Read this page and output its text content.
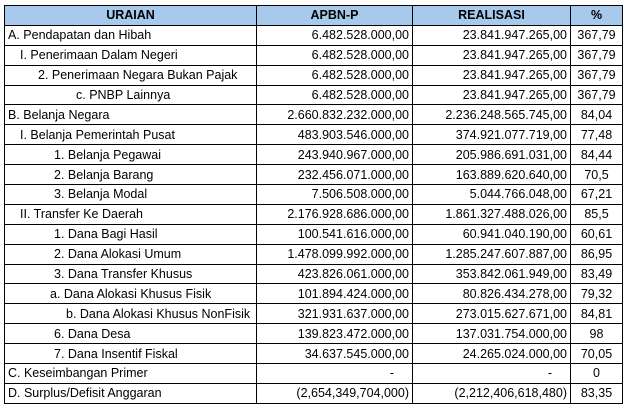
URAIAN	APBN-P	REALISASI	%
A. Pendapatan dan Hibah	6.482.528.000,00	23.841.947.265,00	367,79
I. Penerimaan Dalam Negeri	6.482.528.000,00	23.841.947.265,00	367,79
2. Penerimaan Negara Bukan Pajak	6.482.528.000,00	23.841.947.265,00	367,79
c. PNBP Lainnya	6.482.528.000,00	23.841.947.265,00	367,79
B. Belanja Negara	2.660.832.232.000,00	2.236.248.565.745,00	84,04
I. Belanja Pemerintah Pusat	483.903.546.000,00	374.921.077.719,00	77,48
1. Belanja Pegawai	243.940.967.000,00	205.986.691.031,00	84,44
2. Belanja Barang	232.456.071.000,00	163.889.620.640,00	70,5
3. Belanja Modal	7.506.508.000,00	5.044.766.048,00	67,21
II. Transfer Ke Daerah	2.176.928.686.000,00	1.861.327.488.026,00	85,5
1. Dana Bagi Hasil	100.541.616.000,00	60.941.040.190,00	60,61
2. Dana Alokasi Umum	1.478.099.992.000,00	1.285.247.607.887,00	86,95
3. Dana Transfer Khusus	423.826.061.000,00	353.842.061.949,00	83,49
a. Dana Alokasi Khusus Fisik	101.894.424.000,00	80.826.434.278,00	79,32
b. Dana Alokasi Khusus NonFisik	321.931.637.000,00	273.015.627.671,00	84,81
6. Dana Desa	139.823.472.000,00	137.031.754.000,00	98
7. Dana Insentif Fiskal	34.637.545.000,00	24.265.024.000,00	70,05
C. Keseimbangan Primer	-	-	0
D. Surplus/Defisit Anggaran	(2,654,349,704,000)	(2,212,406,618,480)	83,35
